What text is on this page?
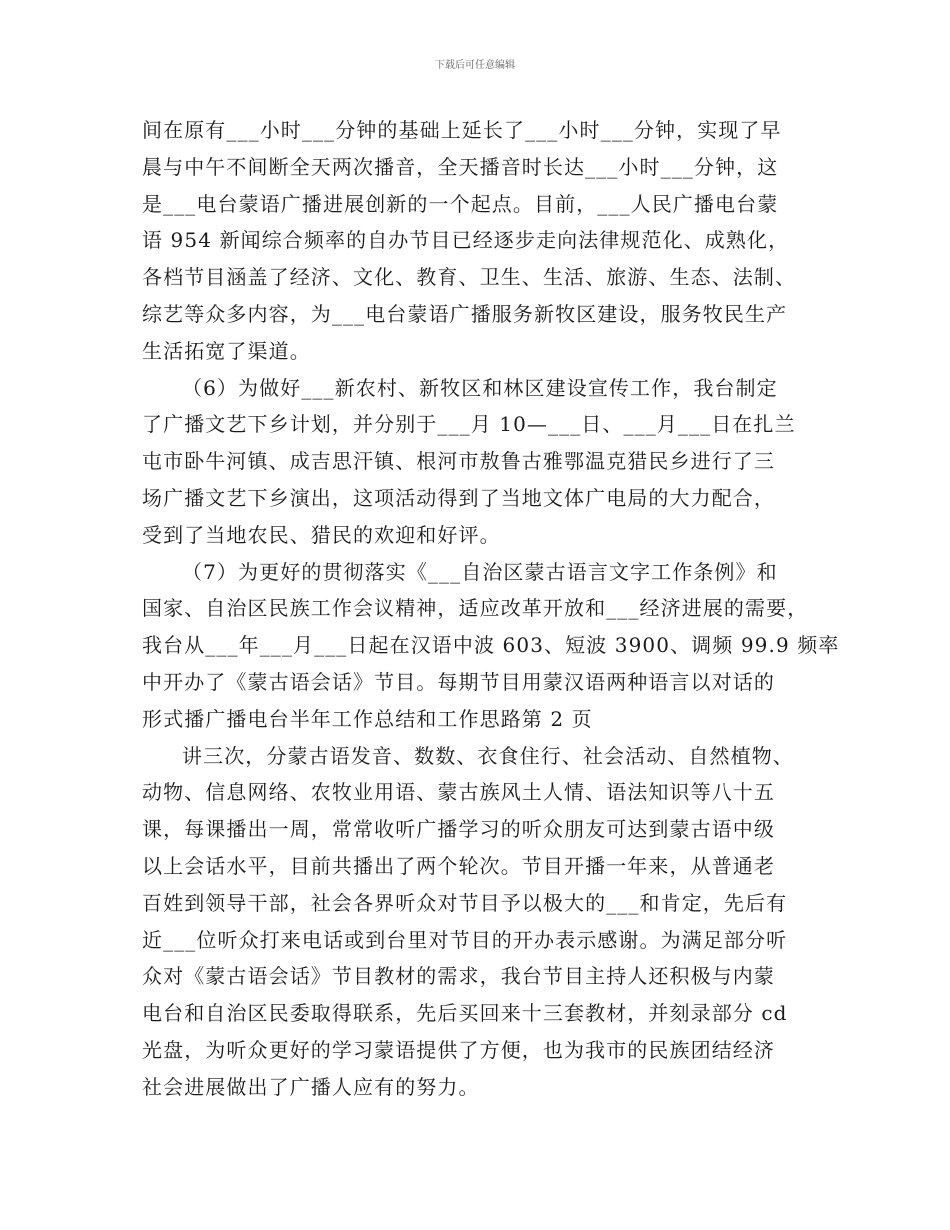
下载后可任意编辑
间在原有___小时___分钟的基础上延长了___小时___分钟，实现了早
晨与中午不间断全天两次播音，全天播音时长达___小时___分钟，这
是___电台蒙语广播进展创新的一个起点。目前，___人民广播电台蒙
语 954 新闻综合频率的自办节目已经逐步走向法律规范化、成熟化，
各档节目涵盖了经济、文化、教育、卫生、生活、旅游、生态、法制、
综艺等众多内容，为___电台蒙语广播服务新牧区建设，服务牧民生产
生活拓宽了渠道。
（6）为做好___新农村、新牧区和林区建设宣传工作，我台制定
了广播文艺下乡计划，并分别于___月 10—___日、___月___日在扎兰
屯市卧牛河镇、成吉思汗镇、根河市敖鲁古雅鄂温克猎民乡进行了三
场广播文艺下乡演出，这项活动得到了当地文体广电局的大力配合，
受到了当地农民、猎民的欢迎和好评。
（7）为更好的贯彻落实《___自治区蒙古语言文字工作条例》和
国家、自治区民族工作会议精神，适应改革开放和___经济进展的需要，
我台从___年___月___日起在汉语中波 603、短波 3900、调频 99.9 频率
中开办了《蒙古语会话》节目。每期节目用蒙汉语两种语言以对话的
形式播广播电台半年工作总结和工作思路第 2 页
讲三次，分蒙古语发音、数数、衣食住行、社会活动、自然植物、
动物、信息网络、农牧业用语、蒙古族风土人情、语法知识等八十五
课，每课播出一周，常常收听广播学习的听众朋友可达到蒙古语中级
以上会话水平，目前共播出了两个轮次。节目开播一年来，从普通老
百姓到领导干部，社会各界听众对节目予以极大的___和肯定，先后有
近___位听众打来电话或到台里对节目的开办表示感谢。为满足部分听
众对《蒙古语会话》节目教材的需求，我台节目主持人还积极与内蒙
电台和自治区民委取得联系，先后买回来十三套教材，并刻录部分 cd
光盘，为听众更好的学习蒙语提供了方便，也为我市的民族团结经济
社会进展做出了广播人应有的努力。
